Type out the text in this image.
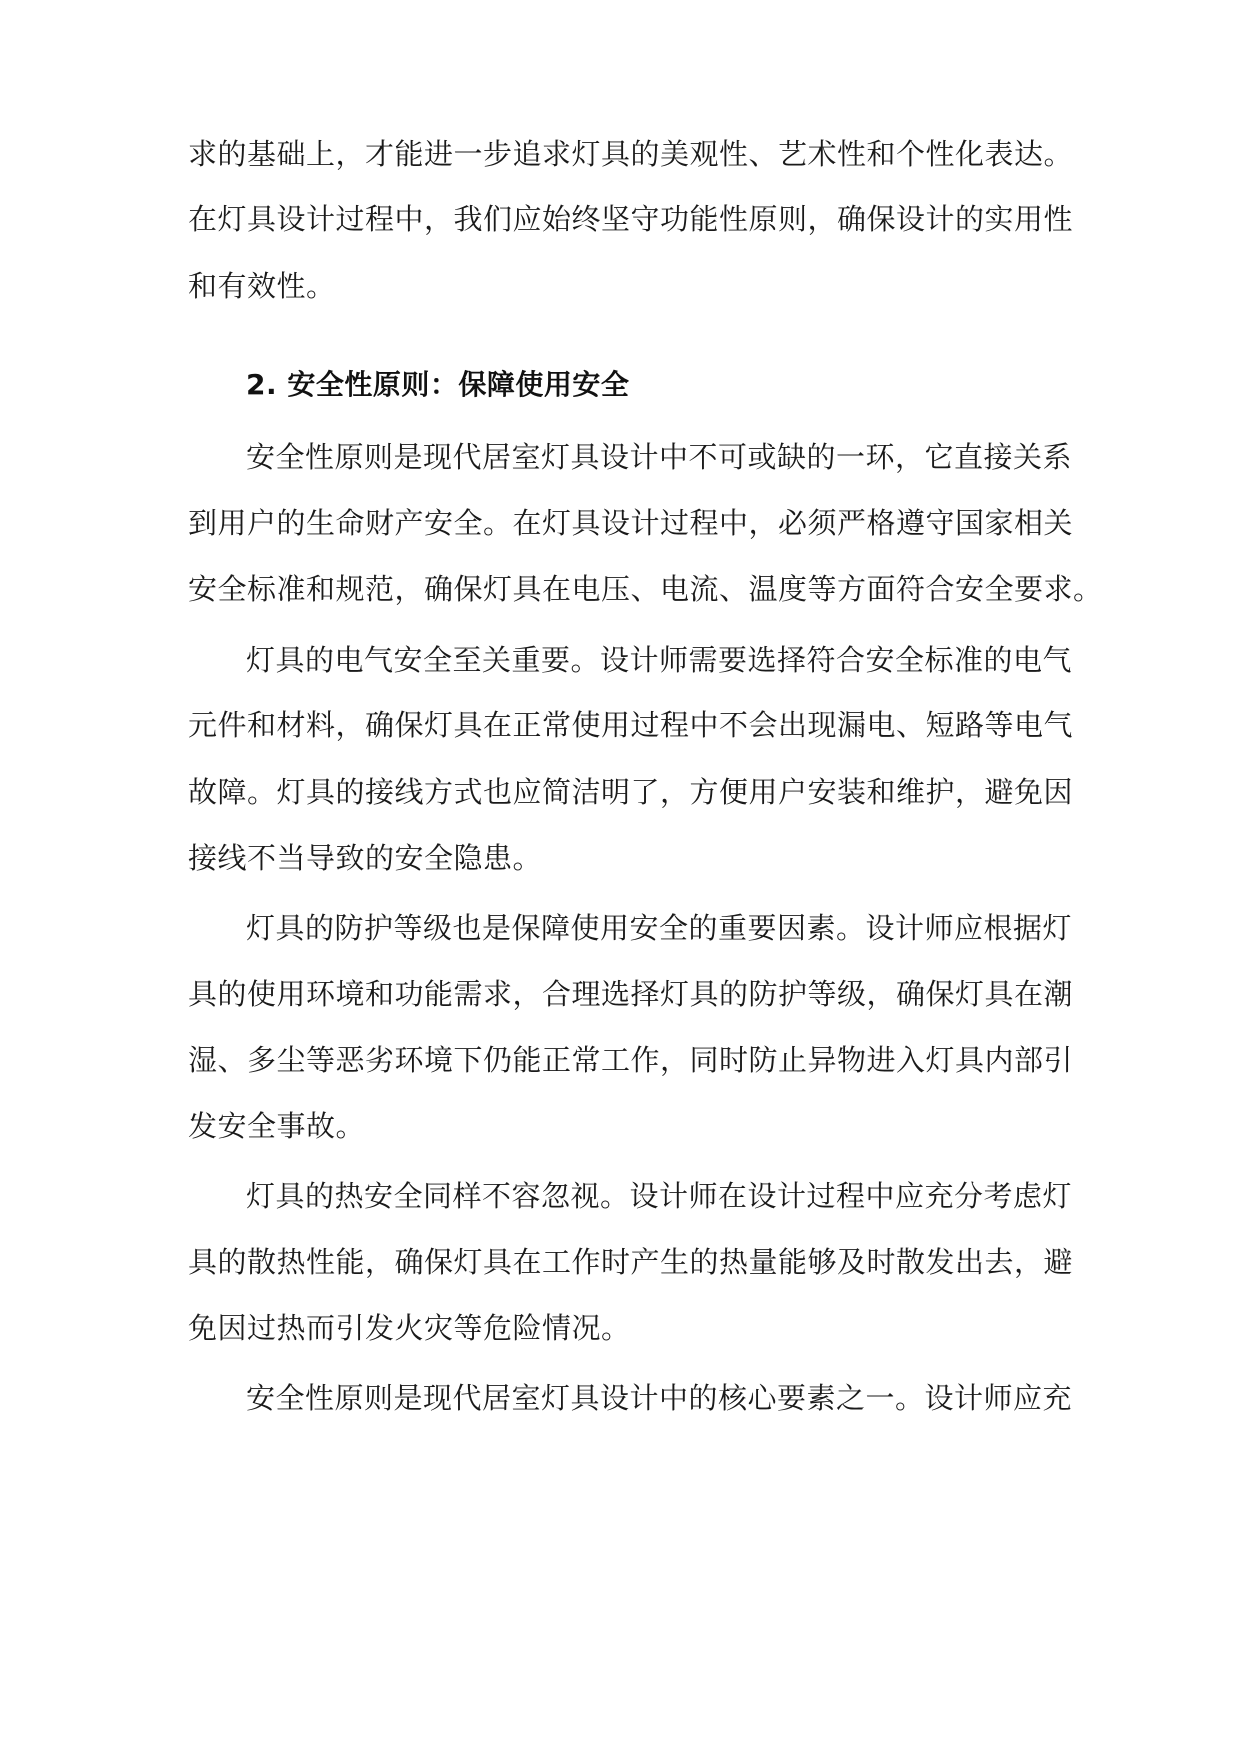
求的基础上，才能进一步追求灯具的美观性、艺术性和个性化表达。
在灯具设计过程中，我们应始终坚守功能性原则，确保设计的实用性
和有效性。
2. 安全性原则：保障使用安全
安全性原则是现代居室灯具设计中不可或缺的一环，它直接关系
到用户的生命财产安全。在灯具设计过程中，必须严格遵守国家相关
安全标准和规范，确保灯具在电压、电流、温度等方面符合安全要求。
灯具的电气安全至关重要。设计师需要选择符合安全标准的电气
元件和材料，确保灯具在正常使用过程中不会出现漏电、短路等电气
故障。灯具的接线方式也应简洁明了，方便用户安装和维护，避免因
接线不当导致的安全隐患。
灯具的防护等级也是保障使用安全的重要因素。设计师应根据灯
具的使用环境和功能需求，合理选择灯具的防护等级，确保灯具在潮
湿、多尘等恶劣环境下仍能正常工作，同时防止异物进入灯具内部引
发安全事故。
灯具的热安全同样不容忽视。设计师在设计过程中应充分考虑灯
具的散热性能，确保灯具在工作时产生的热量能够及时散发出去，避
免因过热而引发火灾等危险情况。
安全性原则是现代居室灯具设计中的核心要素之一。设计师应充
